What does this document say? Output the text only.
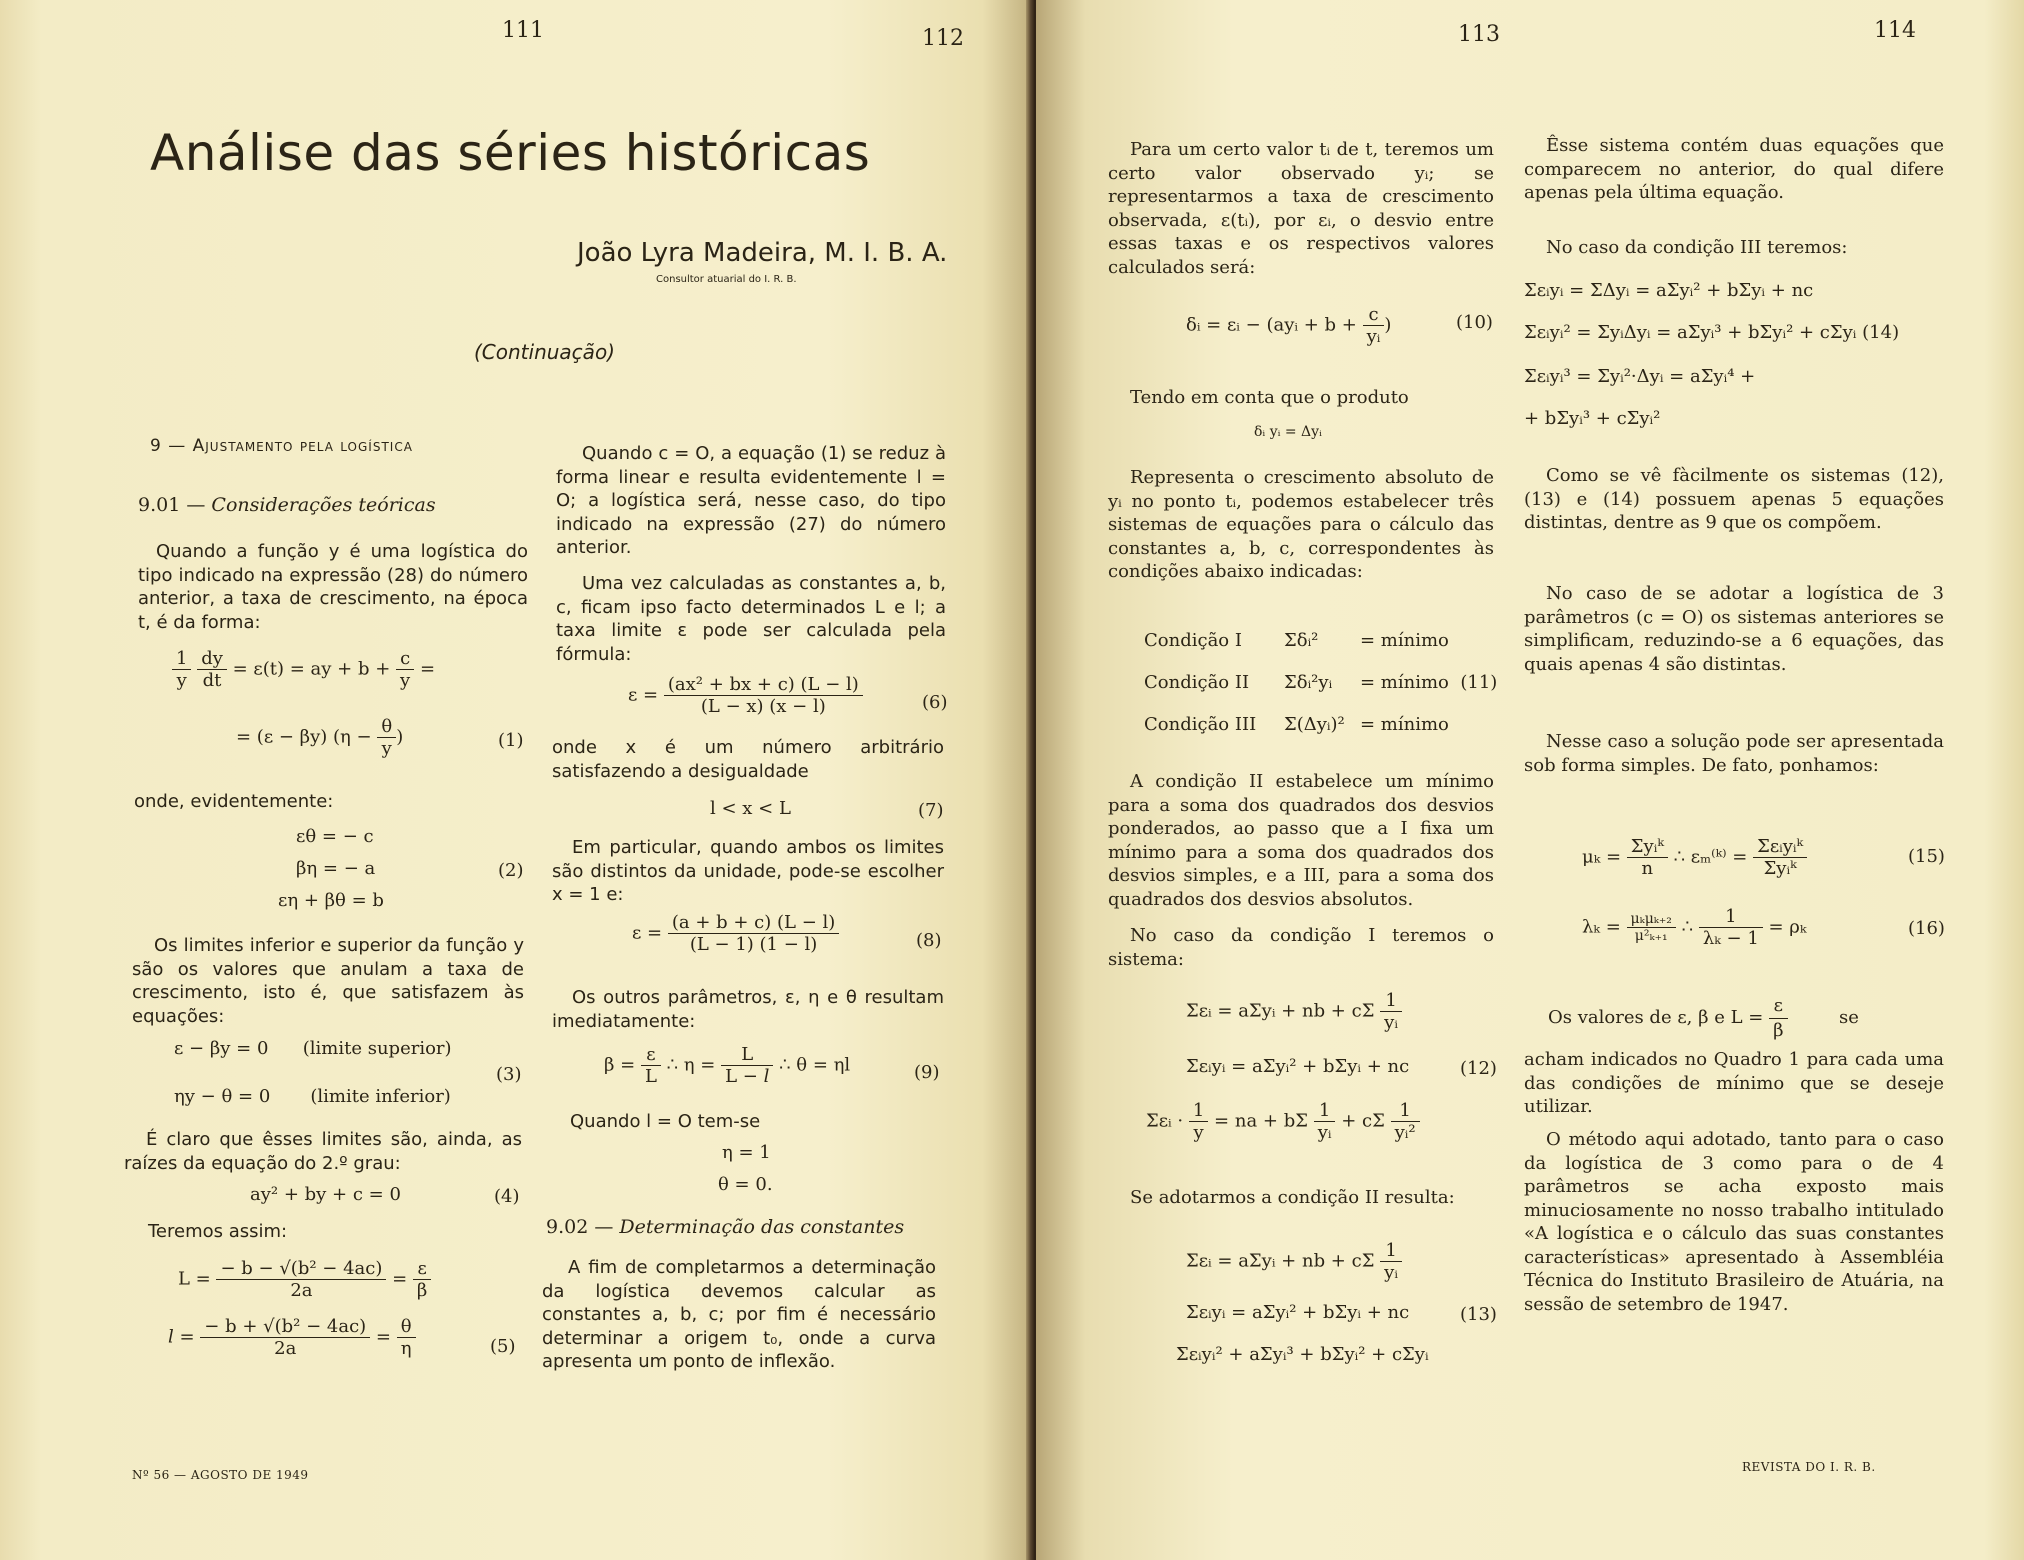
111	112
Análise das séries históricas
João Lyra Madeira, M. I. B. A.
Consultor atuarial do I. R. B.
(Continuação)
9 — Ajustamento pela logística
9.01 — Considerações teóricas
Quando a função y é uma logística do tipo indicado na expressão (28) do número anterior, a taxa de crescimento, na época t, é da forma:
$\frac{1}{y}$
$\frac{dy}{dt} = \varepsilon(t)$ = ay + $b + \frac{c}{y}$ =
= (ε − βy) ($\eta - \frac{\theta}{y}$ )	(1)
onde, evidentemente:
εθ = − c
βη = − a	(2)
εη + βθ = b
Os limites inferior e superior da função y são os valores que anulam a taxa de crescimento, isto é, que satisfazem às equações:
ε − βy = 0 (limite superior)
(3)
ηy − θ = 0 (limite inferior)
É claro que êsses limites são, ainda, as raízes da equação do 2.º grau:
ay² + by + c = 0	(4)
Teremos assim:
$L = \frac{\text{− b − √(b² − 4ac)}}{2a} = \frac{\varepsilon}{\beta}$
$l = \frac{\text{− b + √(b² − 4ac)}}{2a} = \frac{\theta}{\eta}$	(5)
Quando c = O, a equação (1) se reduz à forma linear e resulta evidentemente l = O; a logística será, nesse caso, do tipo indicado na expressão (27) do número anterior.
Uma vez calculadas as constantes a, b, c, ficam ipso facto determinados L e l; a taxa limite ε pode ser calculada pela fórmula:
$\varepsilon = \frac{\text{(ax² + bx + c) (L − l)}}{(L - x) (x - l)}$	(6)
onde x é um número arbitrário satisfazendo a desigualdade
l < x < L	(7)
Em particular, quando ambos os limites são distintos da unidade, pode-se escolher x = 1 e:
$\varepsilon = \frac{(a + b + c) (L - l)}{(L - 1) (1 - l)}$	(8)
Os outros parâmetros, ε, η e θ resultam imediatamente:
$\beta = \frac{\varepsilon}{L}$ ∴ $\eta = \frac{L}{L - l}$ ∴ θ = ηl	(9)
Quando l = O tem-se
η = 1
θ = 0.
9.02 — Determinação das constantes
A fim de completarmos a determinação da logística devemos calcular as constantes a, b, c; por fim é necessário determinar a origem t₀, onde a curva apresenta um ponto de inflexão.
Nº 56 — AGOSTO DE 1949
113	114
Para um certo valor tᵢ de t, teremos um certo valor observado yᵢ; se representarmos a taxa de crescimento observada, ε(tᵢ), por εᵢ, o desvio entre essas taxas e os respectivos valores calculados será:
δᵢ = εᵢ − (ayᵢ + $b + \frac{c}{\text{yᵢ}}$ )	(10)
Tendo em conta que o produto
δᵢ yᵢ = Δyᵢ
Representa o crescimento absoluto de yᵢ no ponto tᵢ, podemos estabelecer três sistemas de equações para o cálculo das constantes a, b, c, correspondentes às condições abaixo indicadas:
Condição I Σδᵢ² = mínimo
Condição II Σδᵢ²yᵢ = mínimo (11)
Condição III Σ(Δyᵢ)² = mínimo
A condição II estabelece um mínimo para a soma dos quadrados dos desvios ponderados, ao passo que a I fixa um mínimo para a soma dos quadrados dos desvios simples, e a III, para a soma dos quadrados dos desvios absolutos.
No caso da condição I teremos o sistema:
Σεᵢ = aΣyᵢ + nb + cΣ $\frac{1}{\text{yᵢ}}$
Σεᵢyᵢ = aΣyᵢ² + bΣyᵢ + nc	(12)
Σεᵢ · $\frac{1}{y}$ = na + bΣ $\frac{1}{\text{yᵢ}} + c\Sigma \frac{1}{\text{yᵢ²}}$
Se adotarmos a condição II resulta:
Σεᵢ = aΣyᵢ + nb + cΣ $\frac{1}{\text{yᵢ}}$
Σεᵢyᵢ = aΣyᵢ² + bΣyᵢ + nc	(13)
Σεᵢyᵢ² + aΣyᵢ³ + bΣyᵢ² + cΣyᵢ
Êsse sistema contém duas equações que comparecem no anterior, do qual difere apenas pela última equação.
No caso da condição III teremos:
Σεᵢyᵢ = ΣΔyᵢ = aΣyᵢ² + bΣyᵢ + nc
Σεᵢyᵢ² = ΣyᵢΔyᵢ = aΣyᵢ³ + bΣyᵢ² + cΣyᵢ (14)
Σεᵢyᵢ³ = Σyᵢ²·Δyᵢ = aΣyᵢ⁴ +
+ bΣyᵢ³ + cΣyᵢ²
Como se vê fàcilmente os sistemas (12), (13) e (14) possuem apenas 5 equações distintas, dentre as 9 que os compõem.
No caso de se adotar a logística de 3 parâmetros (c = O) os sistemas anteriores se simplificam, reduzindo-se a 6 equações, das quais apenas 4 são distintas.
Nesse caso a solução pode ser apresentada sob forma simples. De fato, ponhamos:
$\mu_k = \frac{\text{Σyᵢᵏ}}{n}$ ∴ εₘ⁽ᵏ⁾ = $\frac{\text{Σεᵢyᵢᵏ}}{\text{Σyᵢᵏ}}$	(15)
$\lambda_k = \frac{\text{μₖμₖ₊₂}}{\text{μ²ₖ₊₁}}$ ∴ $\frac{1}{\text{λₖ − 1}} = \rho_k$	(16)
Os valores de ε, β e $L = \frac{\varepsilon}{\beta}$	se
acham indicados no Quadro 1 para cada uma das condições de mínimo que se deseje utilizar.
O método aqui adotado, tanto para o caso da logística de 3 como para o de 4 parâmetros se acha exposto mais minuciosamente no nosso trabalho intitulado «A logística e o cálculo das suas constantes características» apresentado à Assembléia Técnica do Instituto Brasileiro de Atuária, na sessão de setembro de 1947.
REVISTA DO I. R. B.
